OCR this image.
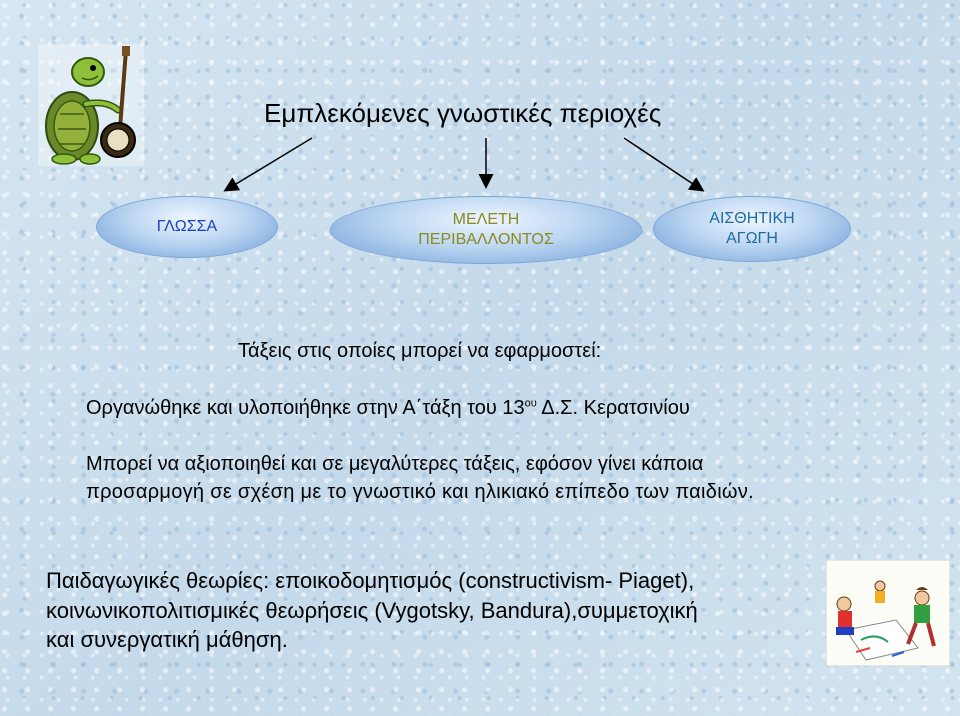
Εμπλεκόμενες γνωστικές περιοχές
ΓΛΩΣΣΑ	ΜΕΛΕΤΗ
ΠΕΡΙΒΑΛΛΟΝΤΟΣ
ΑΙΣΘΗΤΙΚΗ
ΑΓΩΓΗ
Τάξεις στις οποίες μπορεί να εφαρμοστεί:
Οργανώθηκε και υλοποιήθηκε στην Α΄τάξη του $13^{o\upsilon}$ Δ.Σ. Κερατσινίου
Μπορεί να αξιοποιηθεί και σε μεγαλύτερες τάξεις, εφόσον γίνει κάποια
προσαρμογή σε σχέση με το γνωστικό και ηλικιακό επίπεδο των παιδιών.
Παιδαγωγικές θεωρίες: εποικοδομητισμός (constructivism- Piaget),
κοινωνικοπολιτισμικές θεωρήσεις (Vygotsky, Bandura),συμμετοχική
και συνεργατική μάθηση.
